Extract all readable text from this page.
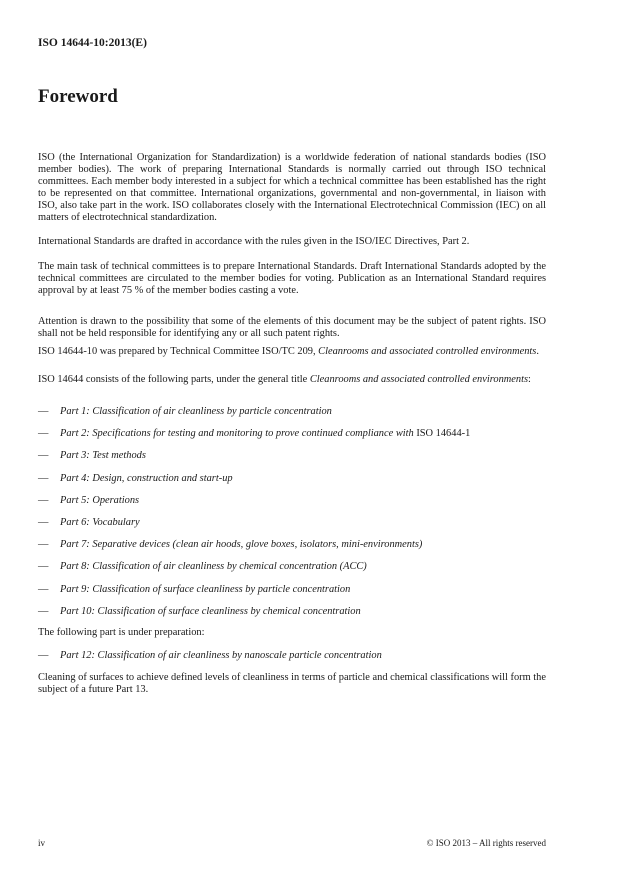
ISO 14644-10:2013(E)
Foreword
ISO (the International Organization for Standardization) is a worldwide federation of national standards bodies (ISO member bodies). The work of preparing International Standards is normally carried out through ISO technical committees. Each member body interested in a subject for which a technical committee has been established has the right to be represented on that committee. International organizations, governmental and non-governmental, in liaison with ISO, also take part in the work. ISO collaborates closely with the International Electrotechnical Commission (IEC) on all matters of electrotechnical standardization.
International Standards are drafted in accordance with the rules given in the ISO/IEC Directives, Part 2.
The main task of technical committees is to prepare International Standards. Draft International Standards adopted by the technical committees are circulated to the member bodies for voting. Publication as an International Standard requires approval by at least 75 % of the member bodies casting a vote.
Attention is drawn to the possibility that some of the elements of this document may be the subject of patent rights. ISO shall not be held responsible for identifying any or all such patent rights.
ISO 14644-10 was prepared by Technical Committee ISO/TC 209, Cleanrooms and associated controlled environments.
ISO 14644 consists of the following parts, under the general title Cleanrooms and associated controlled environments:
— Part 1: Classification of air cleanliness by particle concentration
— Part 2: Specifications for testing and monitoring to prove continued compliance with ISO 14644-1
— Part 3: Test methods
— Part 4: Design, construction and start-up
— Part 5: Operations
— Part 6: Vocabulary
— Part 7: Separative devices (clean air hoods, glove boxes, isolators, mini-environments)
— Part 8: Classification of air cleanliness by chemical concentration (ACC)
— Part 9: Classification of surface cleanliness by particle concentration
— Part 10: Classification of surface cleanliness by chemical concentration
The following part is under preparation:
— Part 12: Classification of air cleanliness by nanoscale particle concentration
Cleaning of surfaces to achieve defined levels of cleanliness in terms of particle and chemical classifications will form the subject of a future Part 13.
iv	© ISO 2013 – All rights reserved
